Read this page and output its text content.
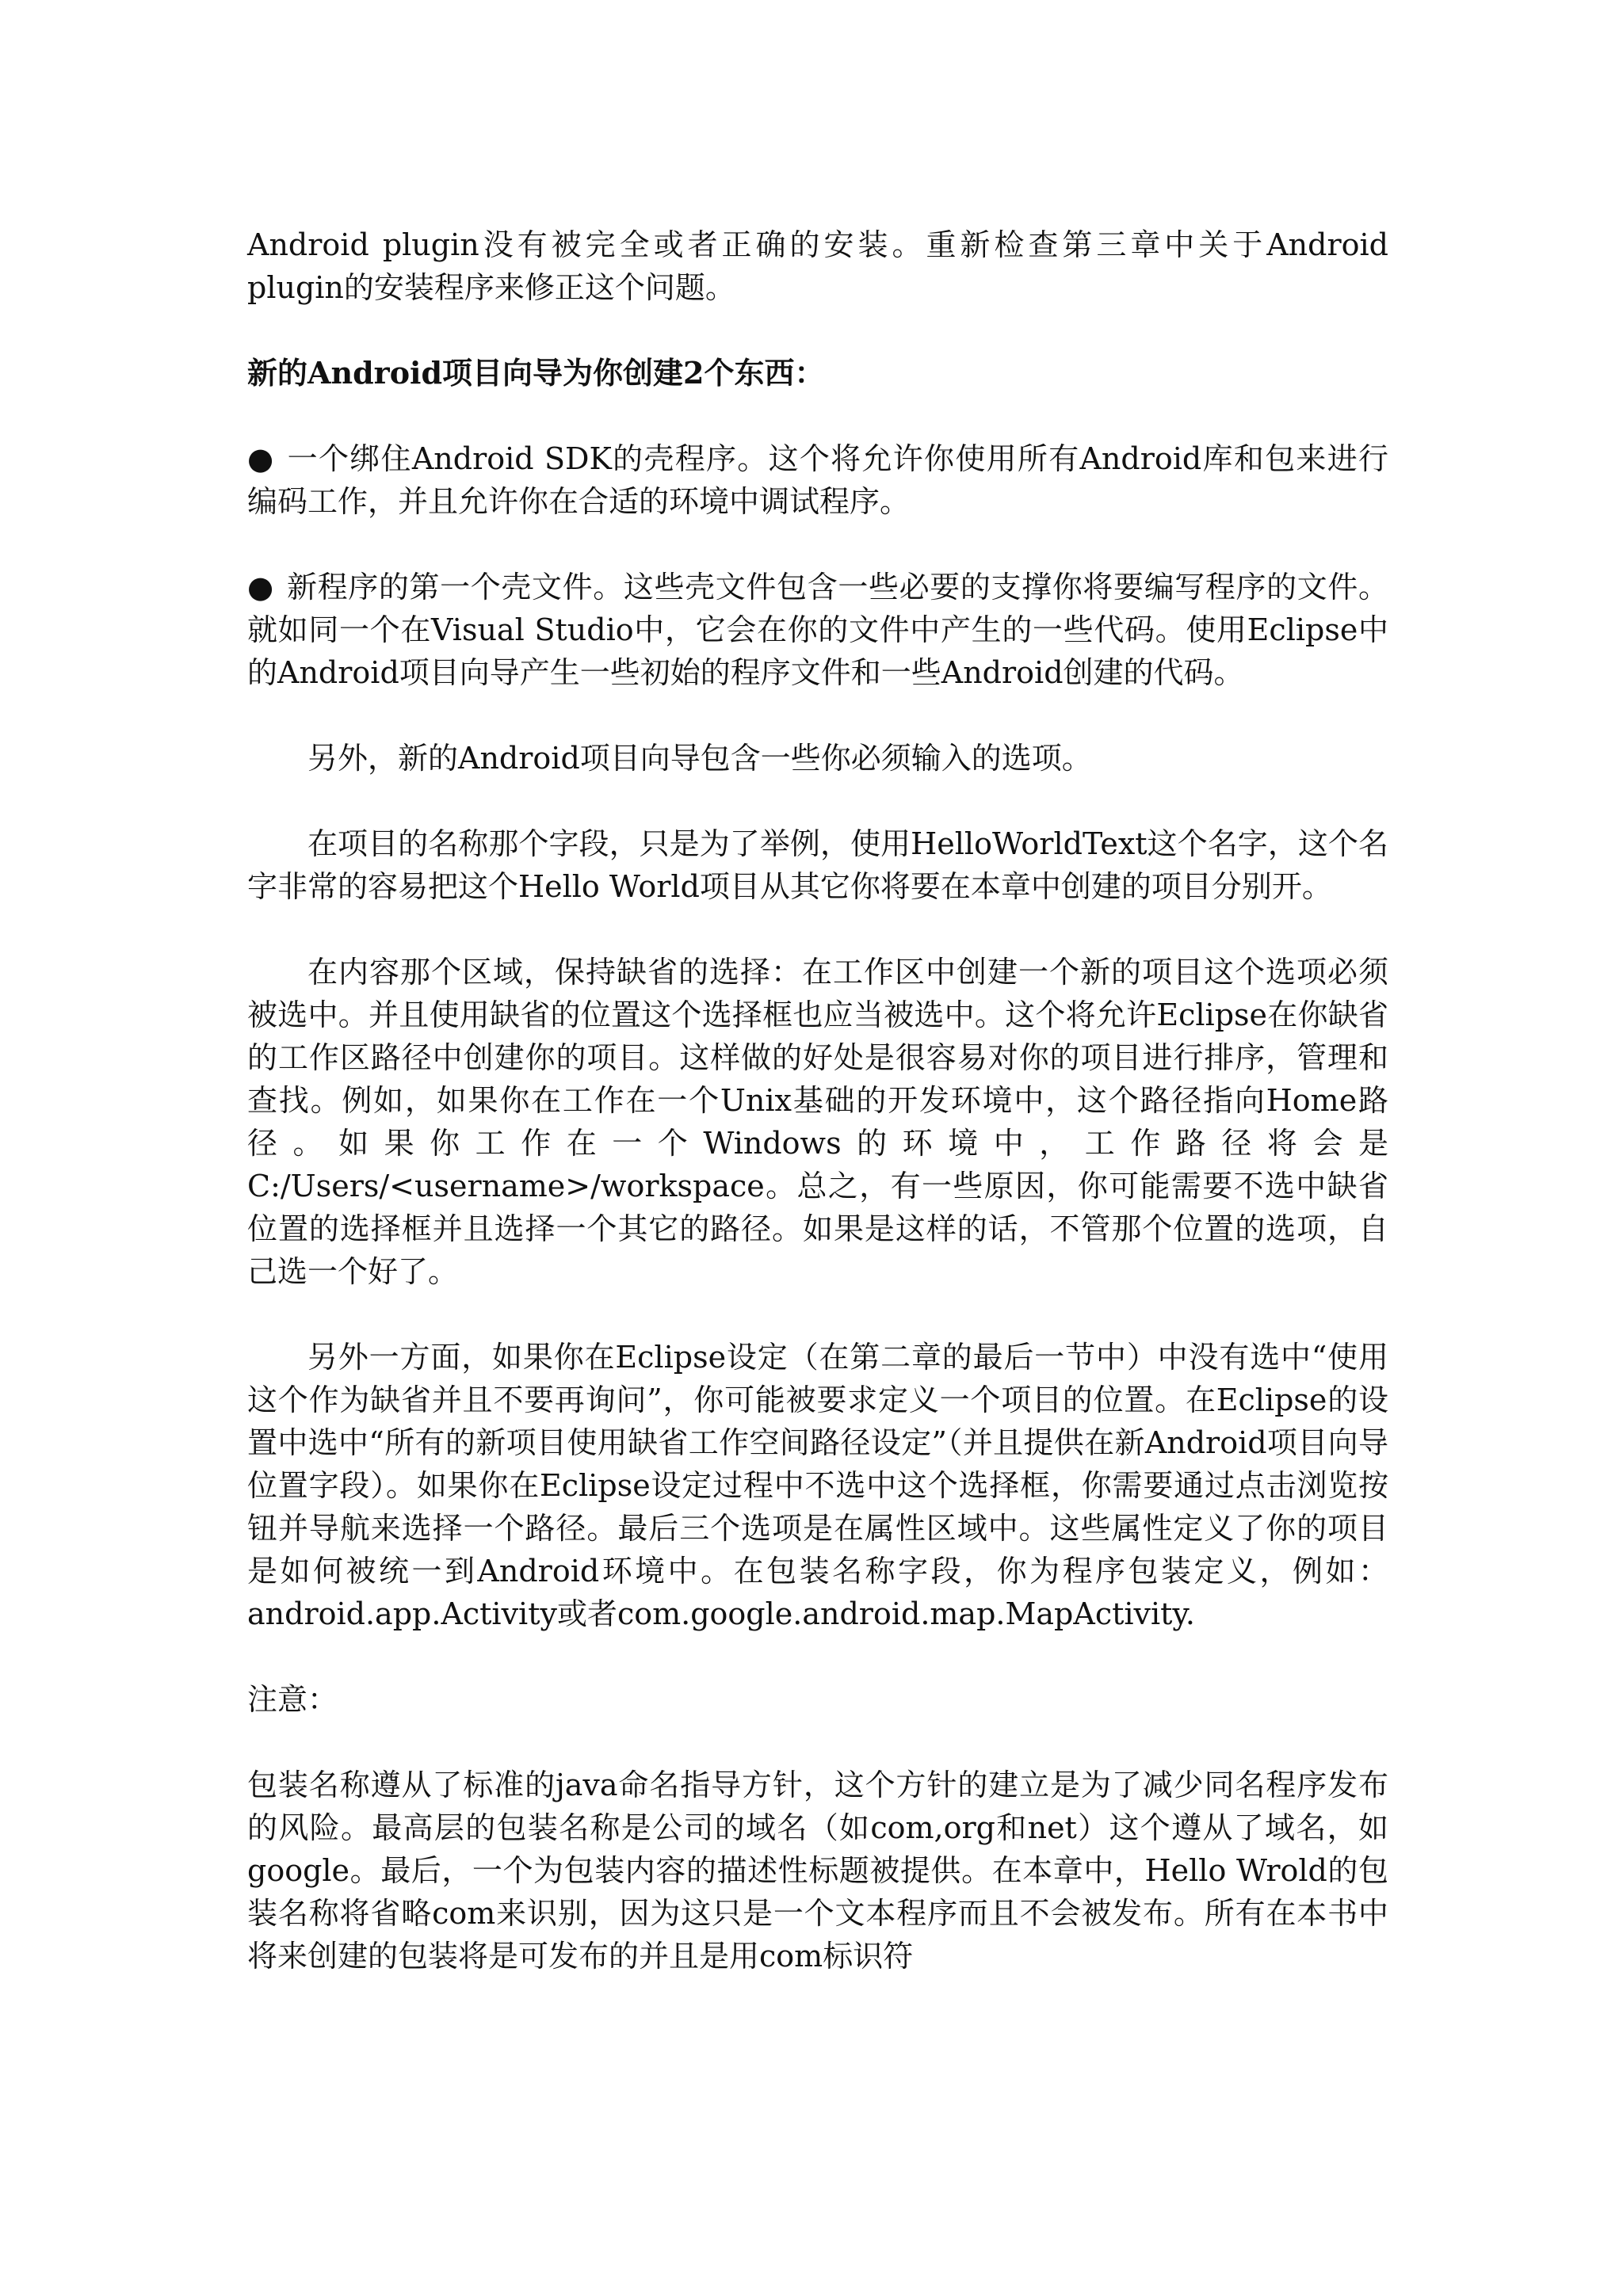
Android plugin没有被完全或者正确的安装。重新检查第三章中关于Android plugin的安装程序来修正这个问题。

新的Android项目向导为你创建2个东西：

● 一个绑住Android SDK的壳程序。这个将允许你使用所有Android库和包来进行编码工作，并且允许你在合适的环境中调试程序。

● 新程序的第一个壳文件。这些壳文件包含一些必要的支撑你将要编写程序的文件。就如同一个在Visual Studio中，它会在你的文件中产生的一些代码。使用Eclipse中的Android项目向导产生一些初始的程序文件和一些Android创建的代码。

另外，新的Android项目向导包含一些你必须输入的选项。

在项目的名称那个字段，只是为了举例，使用HelloWorldText这个名字，这个名字非常的容易把这个Hello World项目从其它你将要在本章中创建的项目分别开。

在内容那个区域，保持缺省的选择：在工作区中创建一个新的项目这个选项必须被选中。并且使用缺省的位置这个选择框也应当被选中。这个将允许Eclipse在你缺省的工作区路径中创建你的项目。这样做的好处是很容易对你的项目进行排序，管理和查找。例如，如果你在工作在一个Unix基础的开发环境中，这个路径指向Home路径。如果你工作在一个Windows的环境中，工作路径将会是C:/Users/<username>/workspace。总之，有一些原因，你可能需要不选中缺省位置的选择框并且选择一个其它的路径。如果是这样的话，不管那个位置的选项，自己选一个好了。

另外一方面，如果你在Eclipse设定（在第二章的最后一节中）中没有选中“使用这个作为缺省并且不要再询问”，你可能被要求定义一个项目的位置。在Eclipse的设置中选中“所有的新项目使用缺省工作空间路径设定”（并且提供在新Android项目向导位置字段）。如果你在Eclipse设定过程中不选中这个选择框，你需要通过点击浏览按钮并导航来选择一个路径。最后三个选项是在属性区域中。这些属性定义了你的项目是如何被统一到Android环境中。在包装名称字段，你为程序包装定义，例如：android.app.Activity或者com.google.android.map.MapActivity.

注意：

包装名称遵从了标准的java命名指导方针，这个方针的建立是为了减少同名程序发布的风险。最高层的包装名称是公司的域名（如com,org和net）这个遵从了域名，如google。最后，一个为包装内容的描述性标题被提供。在本章中，Hello Wrold的包装名称将省略com来识别，因为这只是一个文本程序而且不会被发布。所有在本书中将来创建的包装将是可发布的并且是用com标识符
